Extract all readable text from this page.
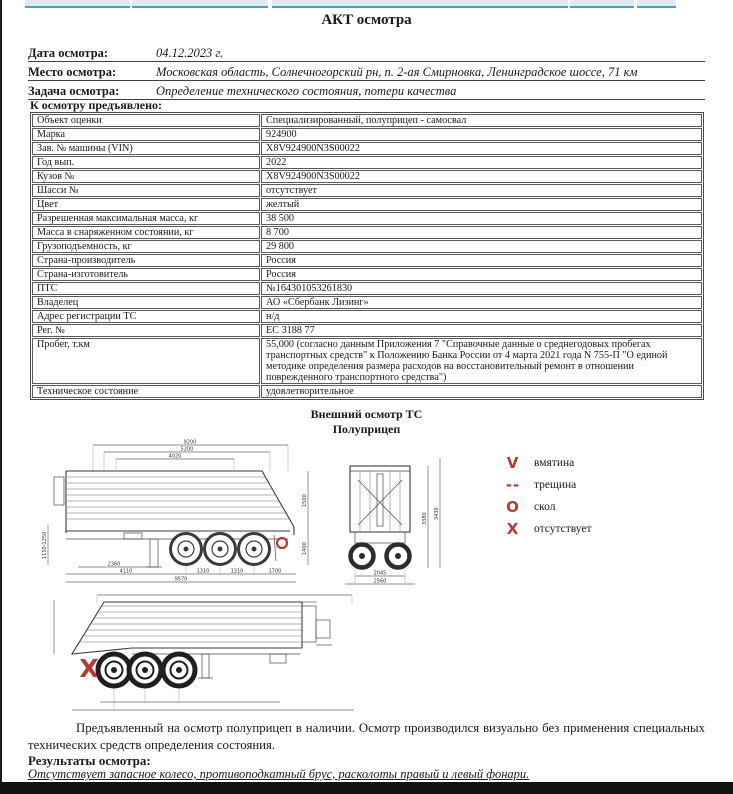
АКТ осмотра
Дата осмотра:	04.12.2023 г.
Место осмотра:	Московская область, Солнечногорский рн, п. 2-ая Смирновка, Ленинградское шоссе, 71 км
Задача осмотра:	Определение технического состояния, потери качества
К осмотру предъявлено:
Объект оценки	Специализированный, полуприцеп - самосвал
Марка	924900
Зав. № машины (VIN)	X8V924900N3S00022
Год вып.	2022
Кузов №	X8V924900N3S00022
Шасси №	отсутствует
Цвет	желтый
Разрешенная максимальная масса, кг	38 500
Масса в снаряженном состоянии, кг	8 700
Грузоподъемность, кг	29 800
Страна-производитель	Россия
Страна-изготовитель	Россия
ПТС	№164301053261830
Владелец	АО «Сбербанк Лизинг»
Адрес регистрации ТС	н/д
Рег. №	ЕС 3188 77
Пробег, т.км	55,000 (согласно данным Приложения 7 "Справочные данные о среднегодовых пробегах транспортных средств" к Положению Банка России от 4 марта 2021 года N 755-П "О единой методике определения размера расходов на восстановительный ремонт в отношении поврежденного транспортного средства")
Техническое состояние	удовлетворительное
Внешний осмотр ТС
Полуприцеп
9200
5200
4020
1150-1250
1500
1400
2360
4110	1310	1310	1700
9570
3380 3430
2045
2560
V	вмятина
--	трещина
O	скол
X	отсутствует
X
Предъявленный на осмотр полуприцеп в наличии. Осмотр производился визуально без применения специальных технических средств определения состояния.
Результаты осмотра:
Отсутствует запасное колесо, противоподкатный брус, расколоты правый и левый фонари.
